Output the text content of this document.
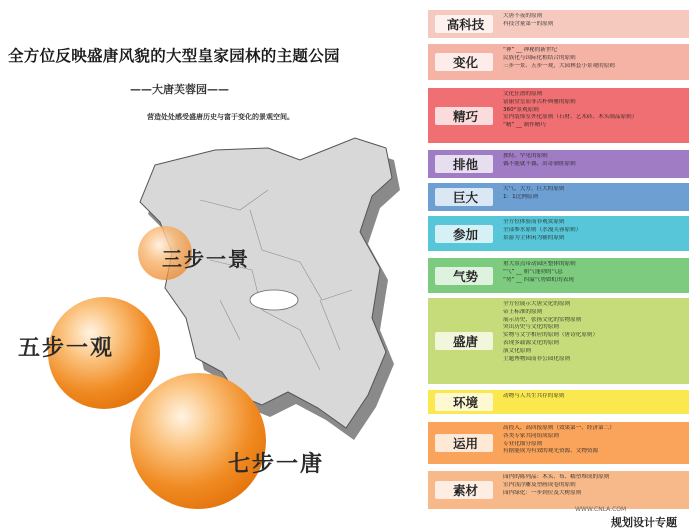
全方位反映盛唐风貌的大型皇家园林的主题公园
——大唐芙蓉园——
营造处处感受盛唐历史与富于变化的景观空间。
三步一景
五步一观
七步一唐
高科技
大唐不夜的原则
科技含量第一的原则
变化
“神” __ 神秘的新世纪
民族化与国际化相结合的原则
三步一景、五步一观，大园林套小景观的原则
精巧
文化狂潜的原则
富丽堂皇而非古朴典雅的原则
360°景观原则
室内装饰室外化原则（石材、艺术砖、木头制品原则）
“精” __ 制作精巧
排他
独特、罕见的原则
偶不能就不偶，出奇制胜原则
巨大
大气、大方、巨大的原则
1：1比例原则
参加
全方位体验而非观赏原则
全部参水原则（水漫芙蓉原则）
景游为主休闲为辅的原则
气势
重大景点带动园区整体的原则
“气” __ 朝气蓬勃的气息
“势” __ 四溢气势如虹的表现
盛唐
全方位展示大唐文化的原则
帝王标准的原则
展示历史、张扬文化的实物原则
突出历史与文化的原则
实物与文字相应的原则（唐诗化原则）
表现多载源文化的原则
演文化原则
主题博物园而非公园化原则
环境	动物与人共生共存的原则
运用
高投入、高回报原则（效果第一、经济第二）
各类专家共同组成原则
专业化细分原则
有据能成为有效的观光资源、文物资源
素材
园内的陈列品：木头、布、糯塑堆成的原则
室内浅浮雕及塑画成卷的原则
园内绿化：一步到位及大树原则
WWW.CNLA.COM
规划设计专题
